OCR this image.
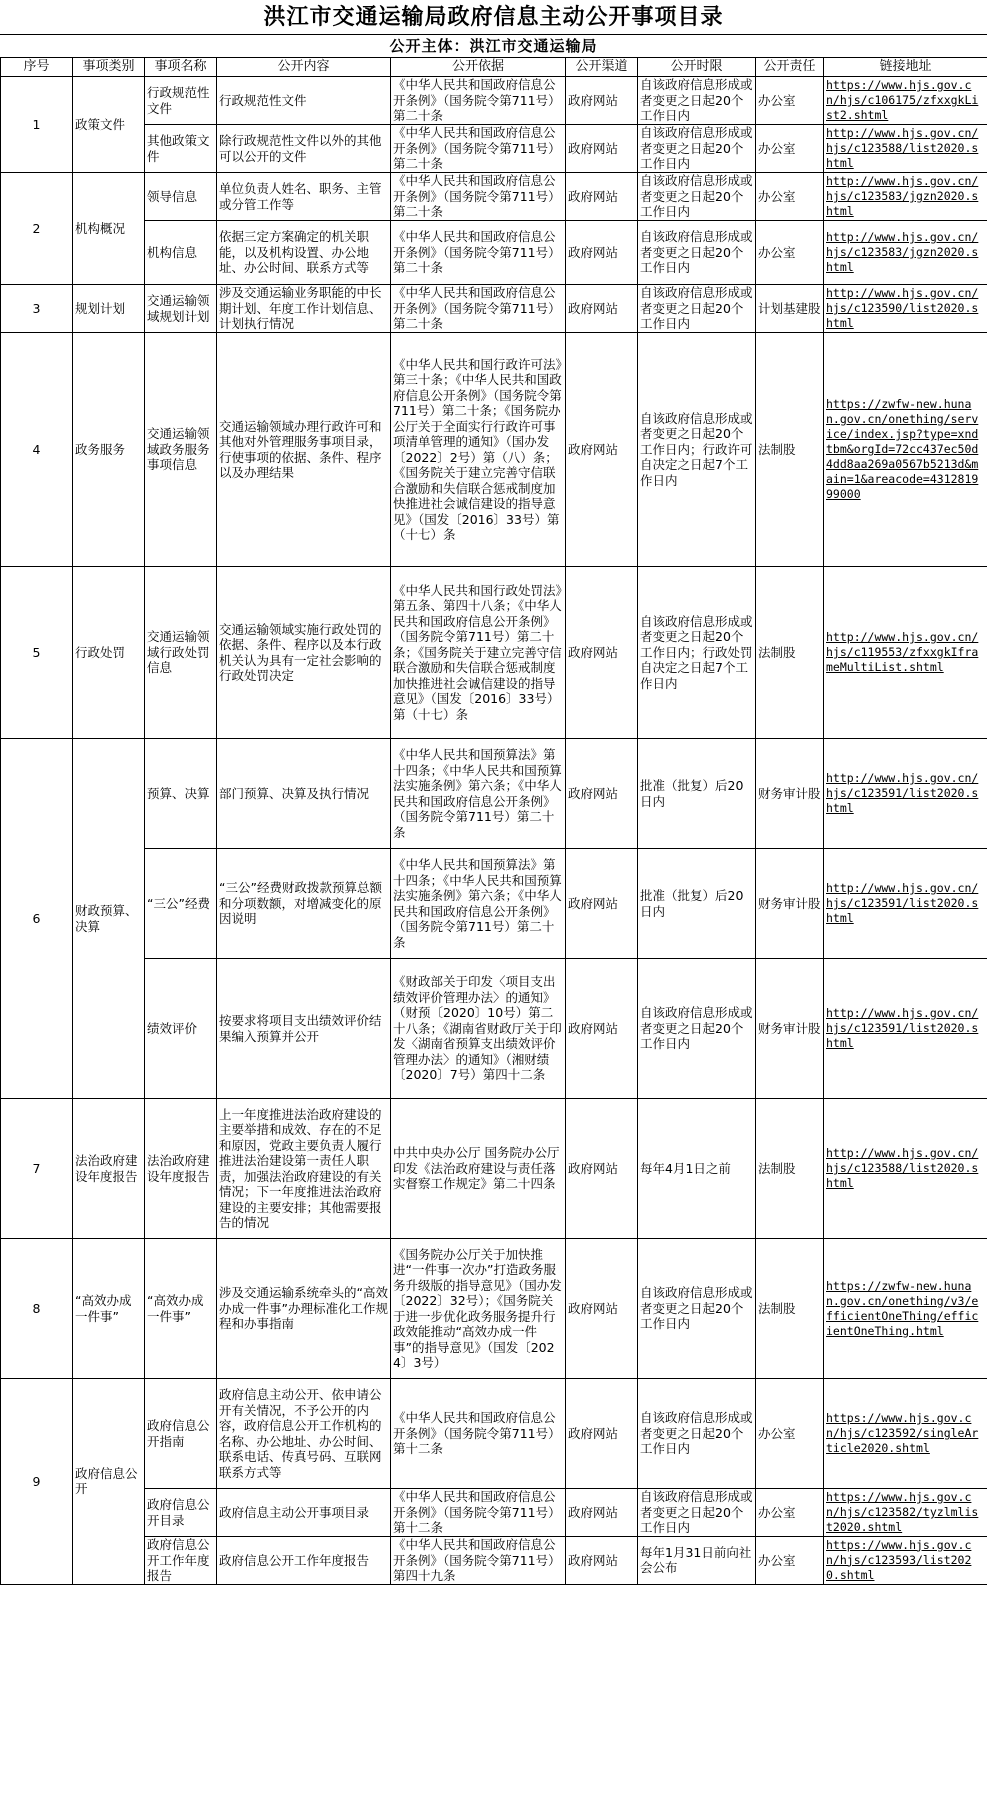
洪江市交通运输局政府信息主动公开事项目录
公开主体：洪江市交通运输局
序号	事项类别	事项名称	公开内容	公开依据	公开渠道	公开时限	公开责任	链接地址
1	政策文件	行政规范性文件	行政规范性文件	《中华人民共和国政府信息公开条例》（国务院令第711号）第二十条	政府网站	自该政府信息形成或者变更之日起20个工作日内	办公室	https://www.hjs.gov.cn/hjs/c106175/zfxxgkList2.shtml
		其他政策文件	除行政规范性文件以外的其他可以公开的文件	《中华人民共和国政府信息公开条例》（国务院令第711号）第二十条	政府网站	自该政府信息形成或者变更之日起20个工作日内	办公室	http://www.hjs.gov.cn/hjs/c123588/list2020.shtml
2	机构概况	领导信息	单位负责人姓名、职务、主管或分管工作等	《中华人民共和国政府信息公开条例》（国务院令第711号）第二十条	政府网站	自该政府信息形成或者变更之日起20个工作日内	办公室	http://www.hjs.gov.cn/hjs/c123583/jgzn2020.shtml
		机构信息	依据三定方案确定的机关职能，以及机构设置、办公地址、办公时间、联系方式等	《中华人民共和国政府信息公开条例》（国务院令第711号）第二十条	政府网站	自该政府信息形成或者变更之日起20个工作日内	办公室	http://www.hjs.gov.cn/hjs/c123583/jgzn2020.shtml
3	规划计划	交通运输领域规划计划	涉及交通运输业务职能的中长期计划、年度工作计划信息、计划执行情况	《中华人民共和国政府信息公开条例》（国务院令第711号）第二十条	政府网站	自该政府信息形成或者变更之日起20个工作日内	计划基建股	http://www.hjs.gov.cn/hjs/c123590/list2020.shtml
4	政务服务	交通运输领域政务服务事项信息	交通运输领域办理行政许可和其他对外管理服务事项目录，行使事项的依据、条件、程序以及办理结果	《中华人民共和国行政许可法》第三十条；《中华人民共和国政府信息公开条例》（国务院令第711号）第二十条；《国务院办公厅关于全面实行行政许可事项清单管理的通知》（国办发〔2022〕2号）第（八）条；《国务院关于建立完善守信联合激励和失信联合惩戒制度加快推进社会诚信建设的指导意见》（国发〔2016〕33号）第（十七）条	政府网站	自该政府信息形成或者变更之日起20个工作日内；行政许可自决定之日起7个工作日内	法制股	https://zwfw-new.hunan.gov.cn/onething/service/index.jsp?type=xndtbm&orgId=72cc437ec50d4dd8aa269a0567b5213d&main=1&areacode=431281999000
5	行政处罚	交通运输领域行政处罚信息	交通运输领域实施行政处罚的依据、条件、程序以及本行政机关认为具有一定社会影响的行政处罚决定	《中华人民共和国行政处罚法》第五条、第四十八条；《中华人民共和国政府信息公开条例》（国务院令第711号）第二十条；《国务院关于建立完善守信联合激励和失信联合惩戒制度加快推进社会诚信建设的指导意见》（国发〔2016〕33号）第（十七）条	政府网站	自该政府信息形成或者变更之日起20个工作日内；行政处罚自决定之日起7个工作日内	法制股	http://www.hjs.gov.cn/hjs/c119553/zfxxgkIframeMultiList.shtml
6	财政预算、决算	预算、决算	部门预算、决算及执行情况	《中华人民共和国预算法》第十四条；《中华人民共和国预算法实施条例》第六条；《中华人民共和国政府信息公开条例》（国务院令第711号）第二十条	政府网站	批准（批复）后20日内	财务审计股	http://www.hjs.gov.cn/hjs/c123591/list2020.shtml
		“三公”经费	“三公”经费财政拨款预算总额和分项数额，对增减变化的原因说明	《中华人民共和国预算法》第十四条；《中华人民共和国预算法实施条例》第六条；《中华人民共和国政府信息公开条例》（国务院令第711号）第二十条	政府网站	批准（批复）后20日内	财务审计股	http://www.hjs.gov.cn/hjs/c123591/list2020.shtml
		绩效评价	按要求将项目支出绩效评价结果编入预算并公开	《财政部关于印发〈项目支出绩效评价管理办法〉的通知》（财预〔2020〕10号）第二十八条；《湖南省财政厅关于印发〈湖南省预算支出绩效评价管理办法〉的通知》（湘财绩〔2020〕7号）第四十二条	政府网站	自该政府信息形成或者变更之日起20个工作日内	财务审计股	http://www.hjs.gov.cn/hjs/c123591/list2020.shtml
7	法治政府建设年度报告	法治政府建设年度报告	上一年度推进法治政府建设的主要举措和成效、存在的不足和原因，党政主要负责人履行推进法治建设第一责任人职责，加强法治政府建设的有关情况；下一年度推进法治政府建设的主要安排；其他需要报告的情况	中共中央办公厅 国务院办公厅印发《法治政府建设与责任落实督察工作规定》第二十四条	政府网站	每年4月1日之前	法制股	http://www.hjs.gov.cn/hjs/c123588/list2020.shtml
8	“高效办成一件事”	“高效办成一件事”	涉及交通运输系统牵头的“高效办成一件事”办理标准化工作规程和办事指南	《国务院办公厅关于加快推进“一件事一次办”打造政务服务升级版的指导意见》（国办发〔2022〕32号）；《国务院关于进一步优化政务服务提升行政效能推动“高效办成一件事”的指导意见》（国发〔2024〕3号）	政府网站	自该政府信息形成或者变更之日起20个工作日内	法制股	https://zwfw-new.hunan.gov.cn/onething/v3/efficientOneThing/efficientOneThing.html
9	政府信息公开	政府信息公开指南	政府信息主动公开、依申请公开有关情况，不予公开的内容，政府信息公开工作机构的名称、办公地址、办公时间、联系电话、传真号码、互联网联系方式等	《中华人民共和国政府信息公开条例》（国务院令第711号）第十二条	政府网站	自该政府信息形成或者变更之日起20个工作日内	办公室	https://www.hjs.gov.cn/hjs/c123592/singleArticle2020.shtml
		政府信息公开目录	政府信息主动公开事项目录	《中华人民共和国政府信息公开条例》（国务院令第711号）第十二条	政府网站	自该政府信息形成或者变更之日起20个工作日内	办公室	https://www.hjs.gov.cn/hjs/c123582/tyzlmlist2020.shtml
		政府信息公开工作年度报告	政府信息公开工作年度报告	《中华人民共和国政府信息公开条例》（国务院令第711号）第四十九条	政府网站	每年1月31日前向社会公布	办公室	https://www.hjs.gov.cn/hjs/c123593/list2020.shtml
